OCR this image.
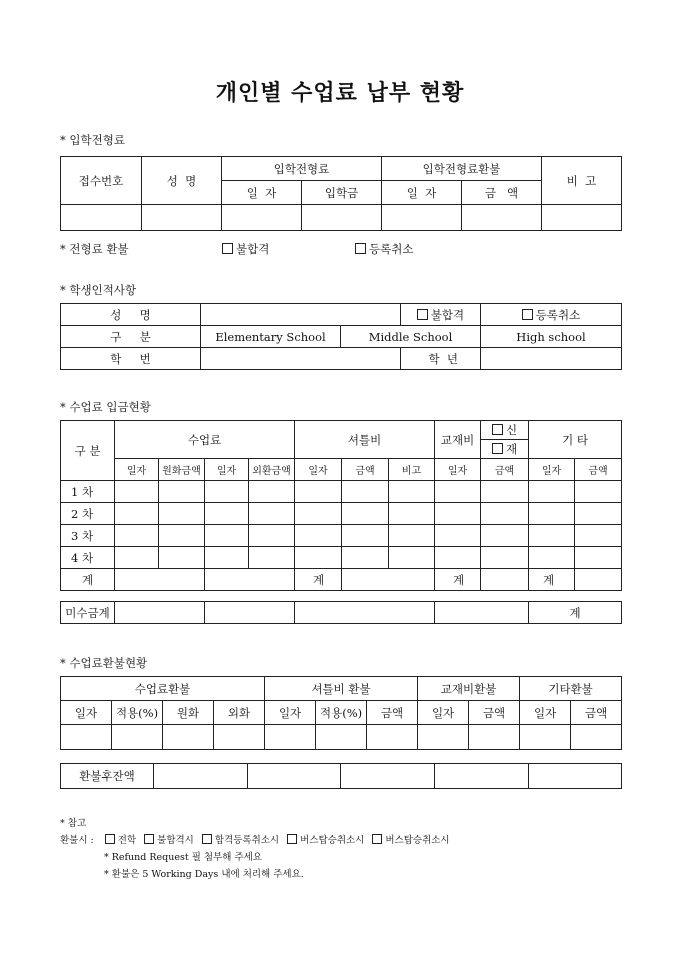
개인별 수업료 납부 현황
* 입학전형료
접수번호	성  명	입학전형료		입학전형료환불		비  고
		일  자	입학금	일  자	금   액	

* 전형료 환불	불합격	등록취소
* 학생인적사항
성     명			불합격	등록취소
구     분	Elementary School	Middle School		High school
학     번			학  년	
* 수업료 입금현황
구 분	수업료				셔틀비			교재비	신	기 타	
									재		
	일자	원화금액	일자	외환금액	일자	금액	비고	일자	금액	일자	금액
1 차											
2 차											
3 차											
4 차											
계					계			계		계	
미수금계					계
* 수업료환불현황
수업료환불				셔틀비 환불			교재비환불		기타환불	
일자	적용(%)	원화	외화	일자	적용(%)	금액	일자	금액	일자	금액

환불후잔액					
* 참고
환불시 :	전학 불합격시 합격등록취소시 버스탑승취소시 버스탑승취소시
* Refund Request 필 첨부해 주세요
* 환불은 5 Working Days 내에 처리해 주세요.
